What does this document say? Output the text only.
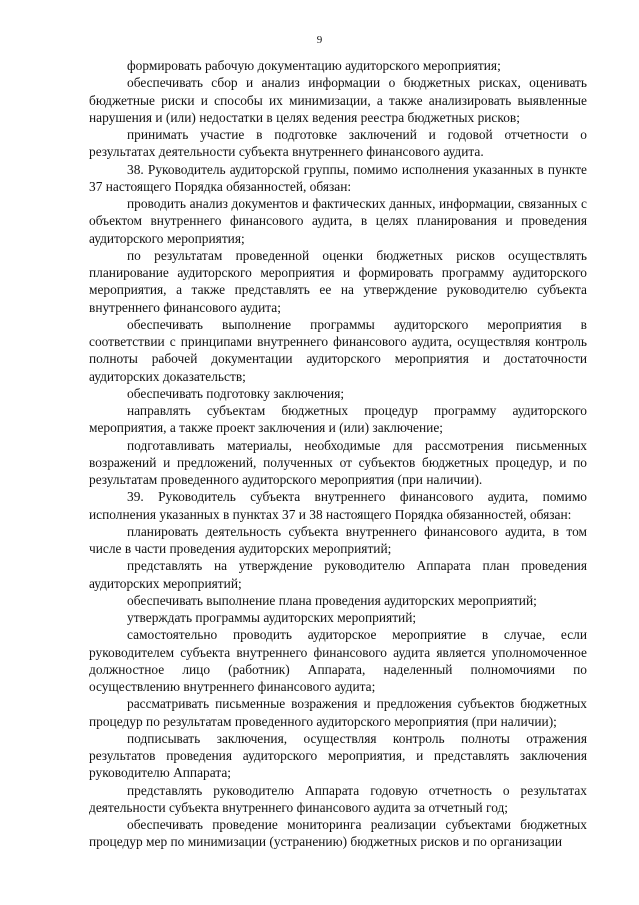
9

формировать рабочую документацию аудиторского мероприятия;

обеспечивать сбор и анализ информации о бюджетных рисках, оценивать бюджетные риски и способы их минимизации, а также анализировать выявленные нарушения и (или) недостатки в целях ведения реестра бюджетных рисков;

принимать участие в подготовке заключений и годовой отчетности о результатах деятельности субъекта внутреннего финансового аудита.

38. Руководитель аудиторской группы, помимо исполнения указанных в пункте 37 настоящего Порядка обязанностей, обязан:

проводить анализ документов и фактических данных, информации, связанных с объектом внутреннего финансового аудита, в целях планирования и проведения аудиторского мероприятия;

по результатам проведенной оценки бюджетных рисков осуществлять планирование аудиторского мероприятия и формировать программу аудиторского мероприятия, а также представлять ее на утверждение руководителю субъекта внутреннего финансового аудита;

обеспечивать выполнение программы аудиторского мероприятия в соответствии с принципами внутреннего финансового аудита, осуществляя контроль полноты рабочей документации аудиторского мероприятия и достаточности аудиторских доказательств;

обеспечивать подготовку заключения;

направлять субъектам бюджетных процедур программу аудиторского мероприятия, а также проект заключения и (или) заключение;

подготавливать материалы, необходимые для рассмотрения письменных возражений и предложений, полученных от субъектов бюджетных процедур, и по результатам проведенного аудиторского мероприятия (при наличии).

39. Руководитель субъекта внутреннего финансового аудита, помимо исполнения указанных в пунктах 37 и 38 настоящего Порядка обязанностей, обязан:

планировать деятельность субъекта внутреннего финансового аудита, в том числе в части проведения аудиторских мероприятий;

представлять на утверждение руководителю Аппарата план проведения аудиторских мероприятий;

обеспечивать выполнение плана проведения аудиторских мероприятий;

утверждать программы аудиторских мероприятий;

самостоятельно проводить аудиторское мероприятие в случае, если руководителем субъекта внутреннего финансового аудита является уполномоченное должностное лицо (работник) Аппарата, наделенный полномочиями по осуществлению внутреннего финансового аудита;

рассматривать письменные возражения и предложения субъектов бюджетных процедур по результатам проведенного аудиторского мероприятия (при наличии);

подписывать заключения, осуществляя контроль полноты отражения результатов проведения аудиторского мероприятия, и представлять заключения руководителю Аппарата;

представлять руководителю Аппарата годовую отчетность о результатах деятельности субъекта внутреннего финансового аудита за отчетный год;

обеспечивать проведение мониторинга реализации субъектами бюджетных процедур мер по минимизации (устранению) бюджетных рисков и по организации
